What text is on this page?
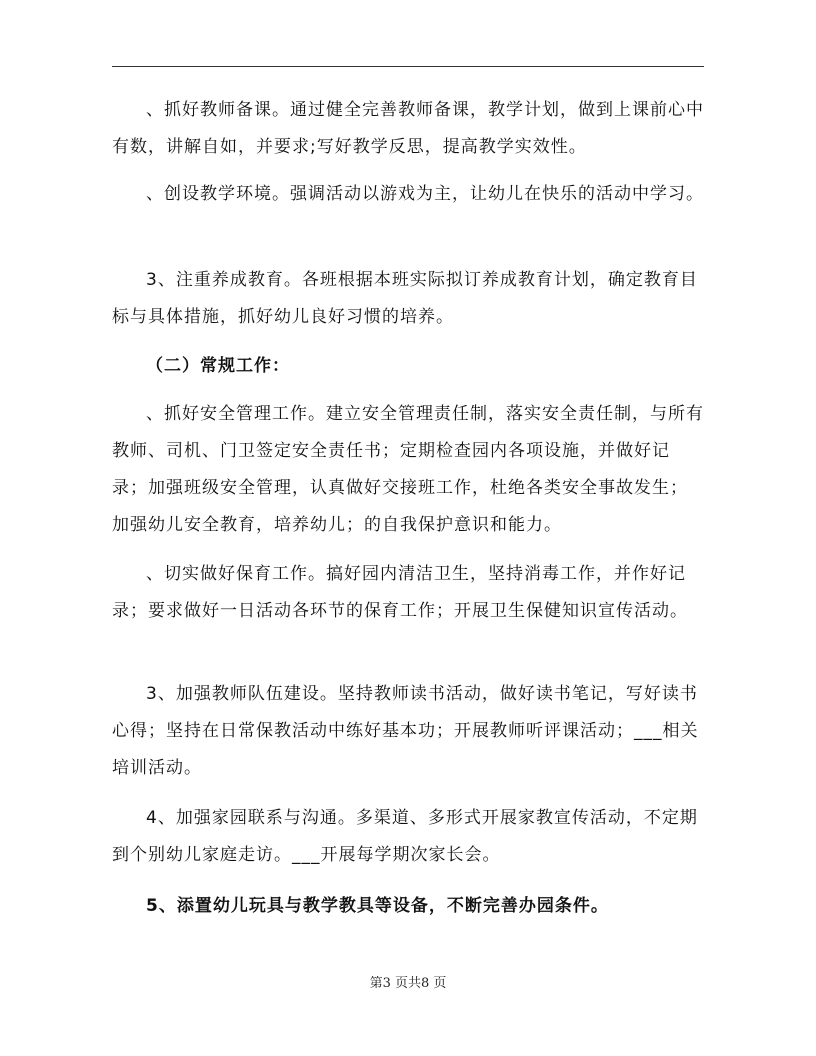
、抓好教师备课。通过健全完善教师备课，教学计划，做到上课前心中有数，讲解自如，并要求;写好教学反思，提高教学实效性。

、创设教学环境。强调活动以游戏为主，让幼儿在快乐的活动中学习。

3、注重养成教育。各班根据本班实际拟订养成教育计划，确定教育目标与具体措施，抓好幼儿良好习惯的培养。

（二）常规工作：

、抓好安全管理工作。建立安全管理责任制，落实安全责任制，与所有教师、司机、门卫签定安全责任书；定期检查园内各项设施，并做好记录；加强班级安全管理，认真做好交接班工作，杜绝各类安全事故发生；加强幼儿安全教育，培养幼儿；的自我保护意识和能力。

、切实做好保育工作。搞好园内清洁卫生，坚持消毒工作，并作好记录；要求做好一日活动各环节的保育工作；开展卫生保健知识宣传活动。

3、加强教师队伍建设。坚持教师读书活动，做好读书笔记，写好读书心得；坚持在日常保教活动中练好基本功；开展教师听评课活动；___相关培训活动。

4、加强家园联系与沟通。多渠道、多形式开展家教宣传活动，不定期到个别幼儿家庭走访。___开展每学期次家长会。

5、添置幼儿玩具与教学教具等设备，不断完善办园条件。

第3 页共8 页
